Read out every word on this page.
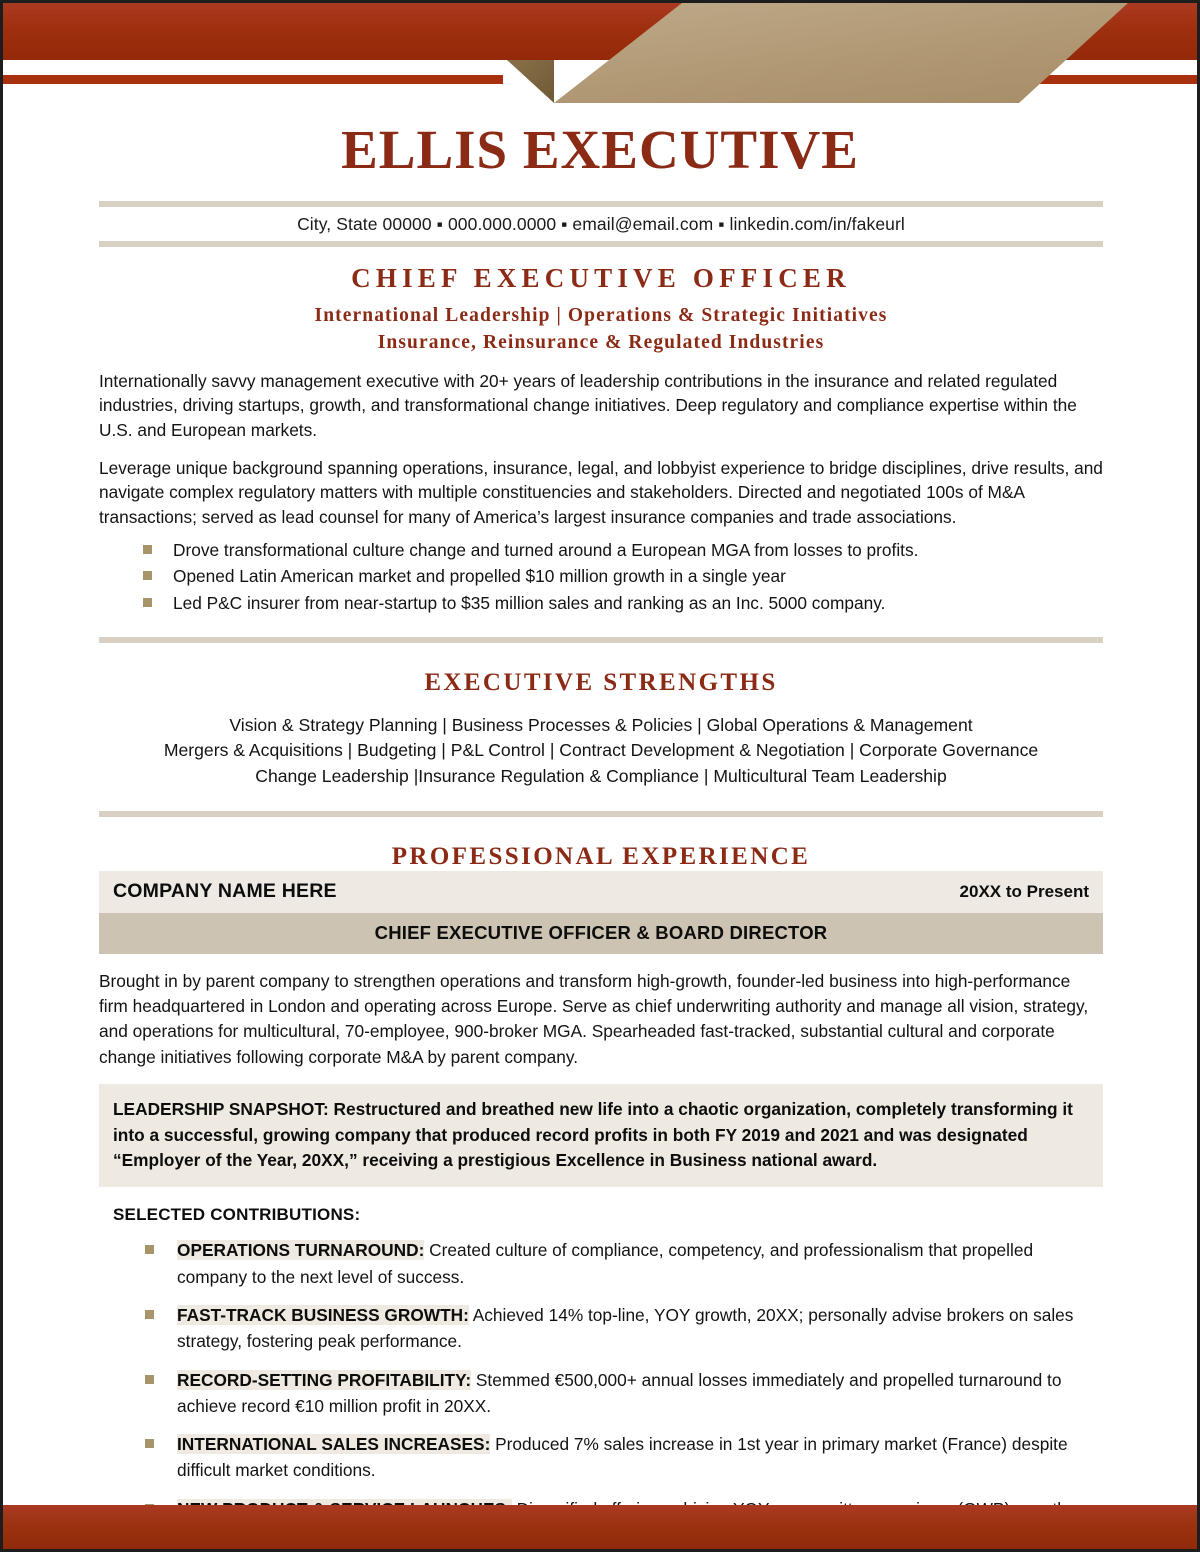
ELLIS EXECUTIVE
City, State 00000 ▪ 000.000.0000 ▪ email@email.com ▪ linkedin.com/in/fakeurl
CHIEF EXECUTIVE OFFICER
International Leadership | Operations & Strategic Initiatives
Insurance, Reinsurance & Regulated Industries

Internationally savvy management executive with 20+ years of leadership contributions in the insurance and related regulated industries, driving startups, growth, and transformational change initiatives. Deep regulatory and compliance expertise within the U.S. and European markets.

Leverage unique background spanning operations, insurance, legal, and lobbyist experience to bridge disciplines, drive results, and navigate complex regulatory matters with multiple constituencies and stakeholders. Directed and negotiated 100s of M&A transactions; served as lead counsel for many of America’s largest insurance companies and trade associations.

Drove transformational culture change and turned around a European MGA from losses to profits.
Opened Latin American market and propelled $10 million growth in a single year
Led P&C insurer from near-startup to $35 million sales and ranking as an Inc. 5000 company.
EXECUTIVE STRENGTHS
Vision & Strategy Planning | Business Processes & Policies | Global Operations & Management
Mergers & Acquisitions | Budgeting | P&L Control | Contract Development & Negotiation | Corporate Governance
Change Leadership |Insurance Regulation & Compliance | Multicultural Team Leadership
PROFESSIONAL EXPERIENCE
COMPANY NAME HERE	20XX to Present
CHIEF EXECUTIVE OFFICER & BOARD DIRECTOR

Brought in by parent company to strengthen operations and transform high-growth, founder-led business into high-performance firm headquartered in London and operating across Europe. Serve as chief underwriting authority and manage all vision, strategy, and operations for multicultural, 70-employee, 900-broker MGA. Spearheaded fast-tracked, substantial cultural and corporate change initiatives following corporate M&A by parent company.

LEADERSHIP SNAPSHOT: Restructured and breathed new life into a chaotic organization, completely transforming it into a successful, growing company that produced record profits in both FY 2019 and 2021 and was designated “Employer of the Year, 20XX,” receiving a prestigious Excellence in Business national award.
SELECTED CONTRIBUTIONS:
OPERATIONS TURNAROUND: Created culture of compliance, competency, and professionalism that propelled company to the next level of success.
FAST-TRACK BUSINESS GROWTH: Achieved 14% top-line, YOY growth, 20XX; personally advise brokers on sales strategy, fostering peak performance.
RECORD-SETTING PROFITABILITY: Stemmed €500,000+ annual losses immediately and propelled turnaround to achieve record €10 million profit in 20XX.
INTERNATIONAL SALES INCREASES: Produced 7% sales increase in 1st year in primary market (France) despite difficult market conditions.
